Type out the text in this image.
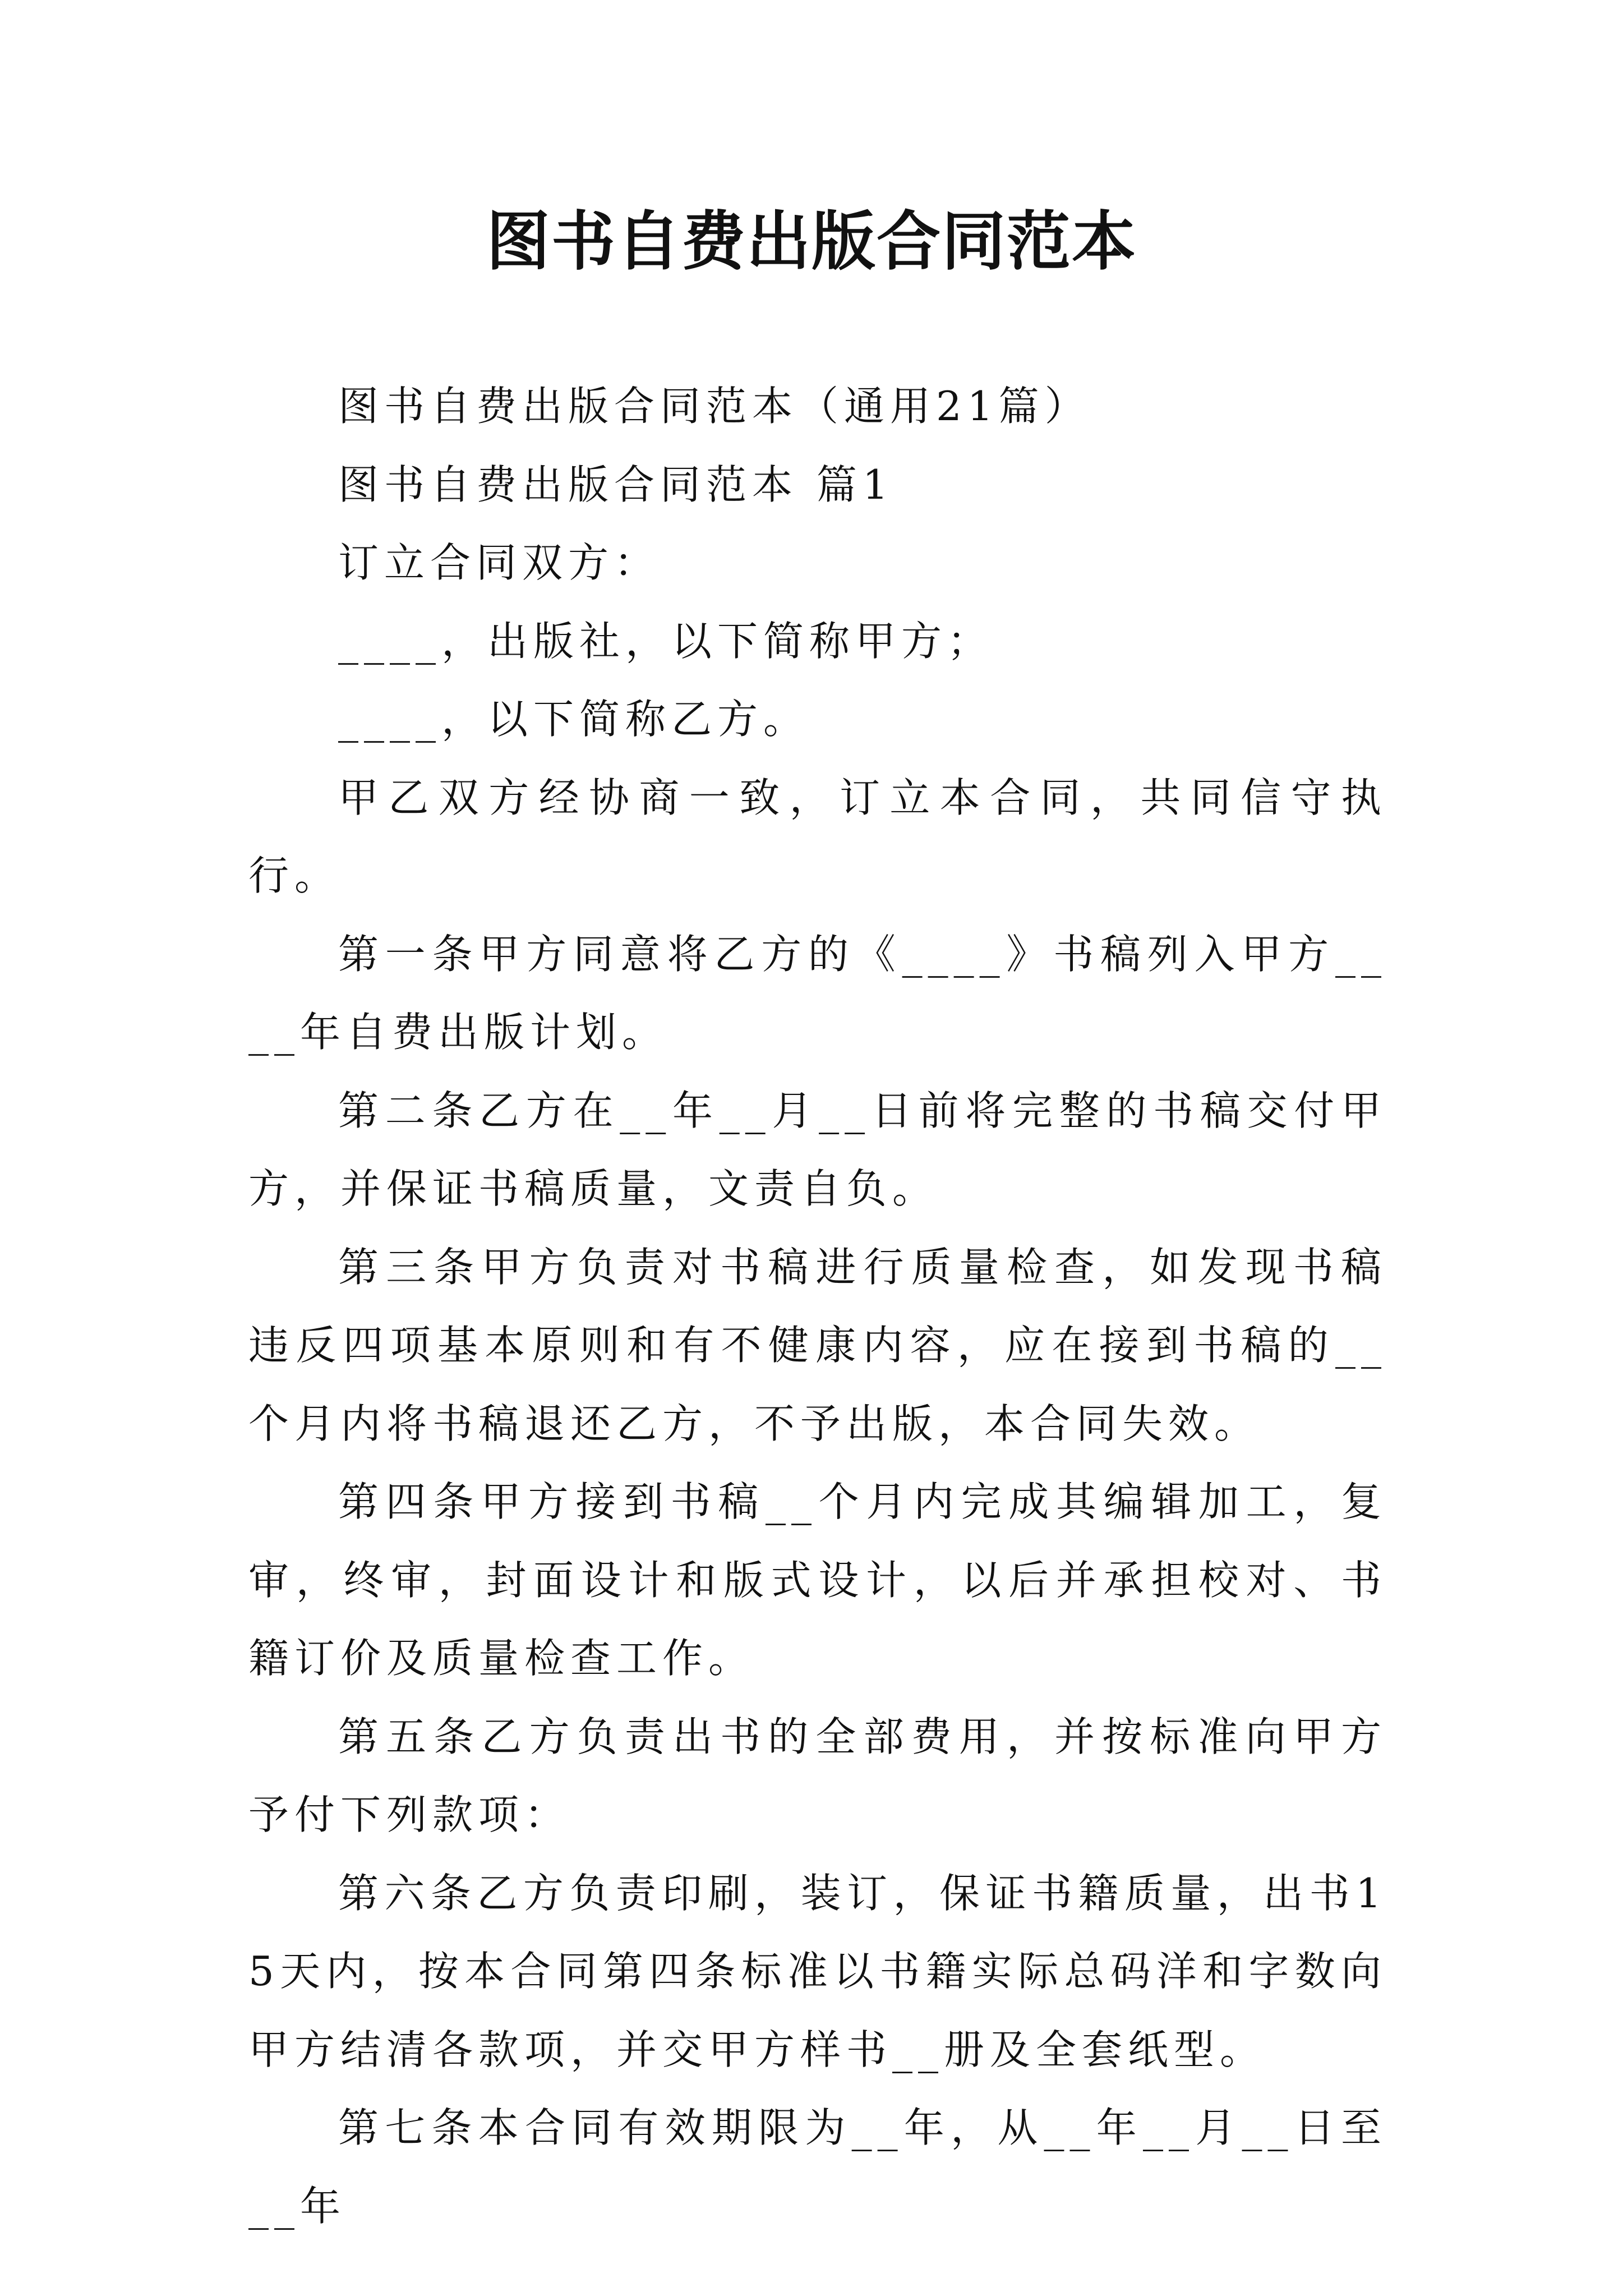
图书自费出版合同范本

图书自费出版合同范本（通用21篇）

图书自费出版合同范本 篇1

订立合同双方：

____，出版社，以下简称甲方；

____，以下简称乙方。

甲乙双方经协商一致，订立本合同，共同信守执行。

第一条甲方同意将乙方的《____》书稿列入甲方____年自费出版计划。

第二条乙方在__年__月__日前将完整的书稿交付甲方，并保证书稿质量，文责自负。

第三条甲方负责对书稿进行质量检查，如发现书稿违反四项基本原则和有不健康内容，应在接到书稿的__个月内将书稿退还乙方，不予出版，本合同失效。

第四条甲方接到书稿__个月内完成其编辑加工，复审，终审，封面设计和版式设计，以后并承担校对、书籍订价及质量检查工作。

第五条乙方负责出书的全部费用，并按标准向甲方予付下列款项：

第六条乙方负责印刷，装订，保证书籍质量，出书15天内，按本合同第四条标准以书籍实际总码洋和字数向甲方结清各款项，并交甲方样书__册及全套纸型。

第七条本合同有效期限为__年，从__年__月__日至__年
